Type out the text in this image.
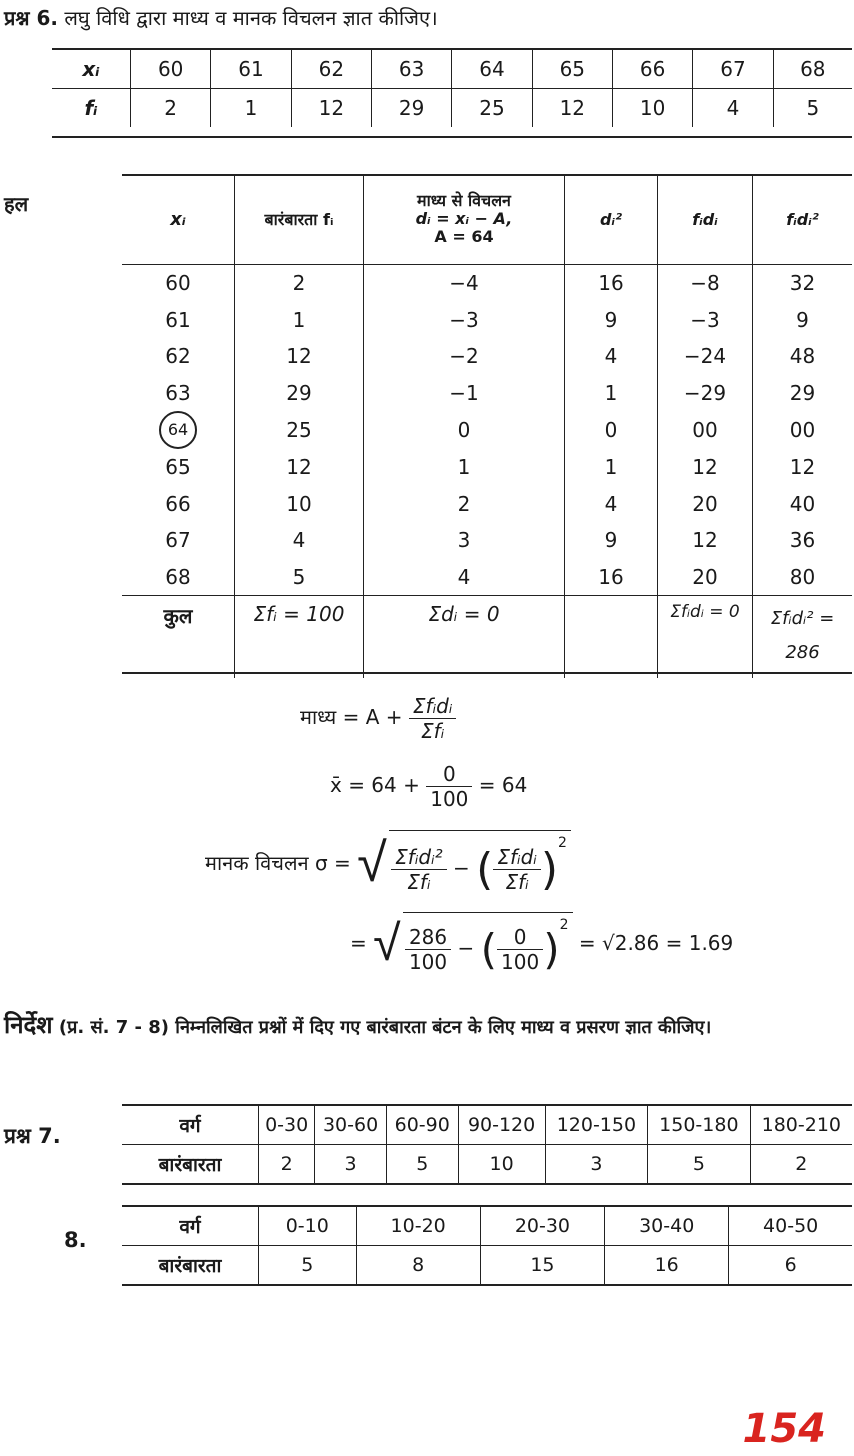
प्रश्न 6. लघु विधि द्वारा माध्य व मानक विचलन ज्ञात कीजिए।
xᵢ	60	61	62	63	64	65	66	67	68
fᵢ	2	1	12	29	25	12	10	4	5
हल
xᵢ	बारंबारता fᵢ	माध्य से विचलन
dᵢ = xᵢ − A,
A = 64	dᵢ²	fᵢdᵢ	fᵢdᵢ²
60	2	−4	16	−8	32
61	1	−3	9	−3	9
62	12	−2	4	−24	48
63	29	−1	1	−29	29
64	25	0	0	00	00
65	12	1	1	12	12
66	10	2	4	20	40
67	4	3	9	12	36
68	5	4	16	20	80
कुल	Σfᵢ = 100	Σdᵢ = 0		Σfᵢdᵢ = 0	Σfᵢdᵢ² =
286
माध्य = $A + \frac{\text{Σfᵢdᵢ}}{\text{Σfᵢ}}$
x̄ = $64 + \frac{0}{100} = 64$
मानक विचलन σ = √ $\frac{\text{Σfᵢdᵢ²}}{\text{Σfᵢ}}$ − ( $\frac{\text{Σfᵢdᵢ}}{\text{Σfᵢ}} )^2$
= √ $\frac{286}{100}$ − ( $\frac{0}{100} )^2 = √2.86 = 1.69$
निर्देश (प्र. सं. 7 - 8) निम्नलिखित प्रश्नों में दिए गए बारंबारता बंटन के लिए माध्य व प्रसरण ज्ञात कीजिए।
प्रश्न 7.	वर्ग	0-30	30-60	60-90	90-120	120-150	150-180	180-210
बारंबारता	2	3	5	10	3	5	2
8.
वर्ग	0-10	10-20	20-30	30-40	40-50
बारंबारता	5	8	15	16	6
154
